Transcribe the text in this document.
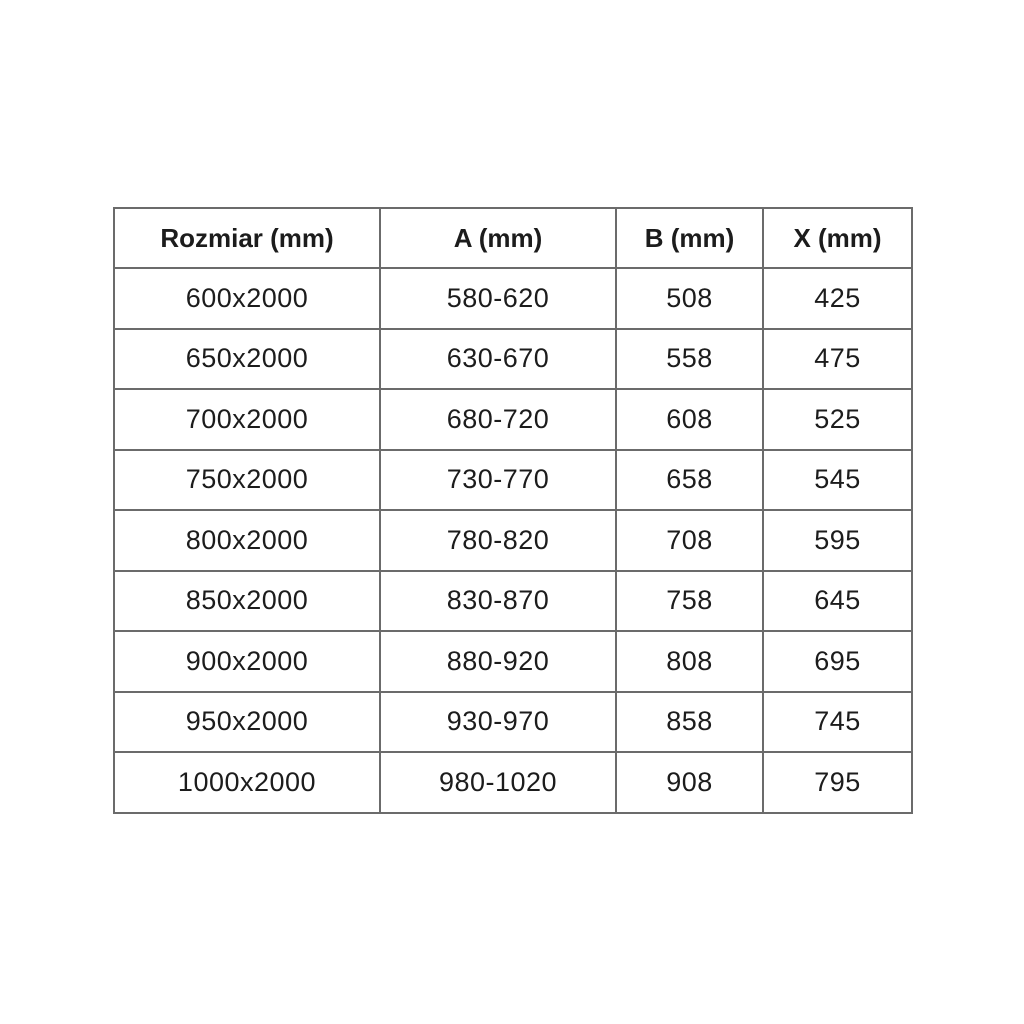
Rozmiar (mm)	A (mm)	B (mm)	X (mm)
600x2000	580-620	508	425
650x2000	630-670	558	475
700x2000	680-720	608	525
750x2000	730-770	658	545
800x2000	780-820	708	595
850x2000	830-870	758	645
900x2000	880-920	808	695
950x2000	930-970	858	745
1000x2000	980-1020	908	795
